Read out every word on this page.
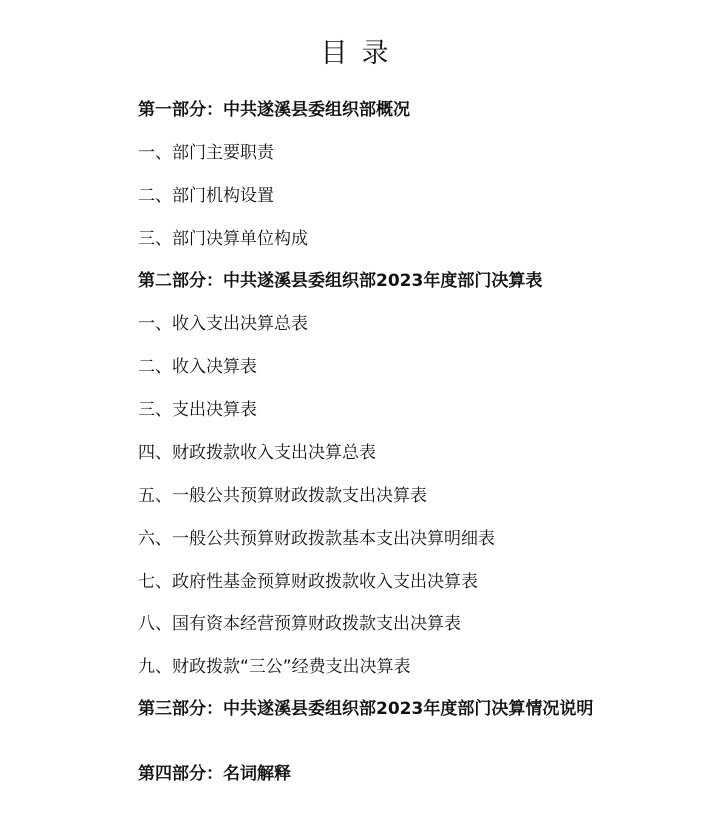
目录
第一部分：中共遂溪县委组织部概况
一、部门主要职责
二、部门机构设置
三、部门决算单位构成
第二部分：中共遂溪县委组织部2023年度部门决算表
一、收入支出决算总表
二、收入决算表
三、支出决算表
四、财政拨款收入支出决算总表
五、一般公共预算财政拨款支出决算表
六、一般公共预算财政拨款基本支出决算明细表
七、政府性基金预算财政拨款收入支出决算表
八、国有资本经营预算财政拨款支出决算表
九、财政拨款“三公”经费支出决算表
第三部分：中共遂溪县委组织部2023年度部门决算情况说明
第四部分：名词解释
